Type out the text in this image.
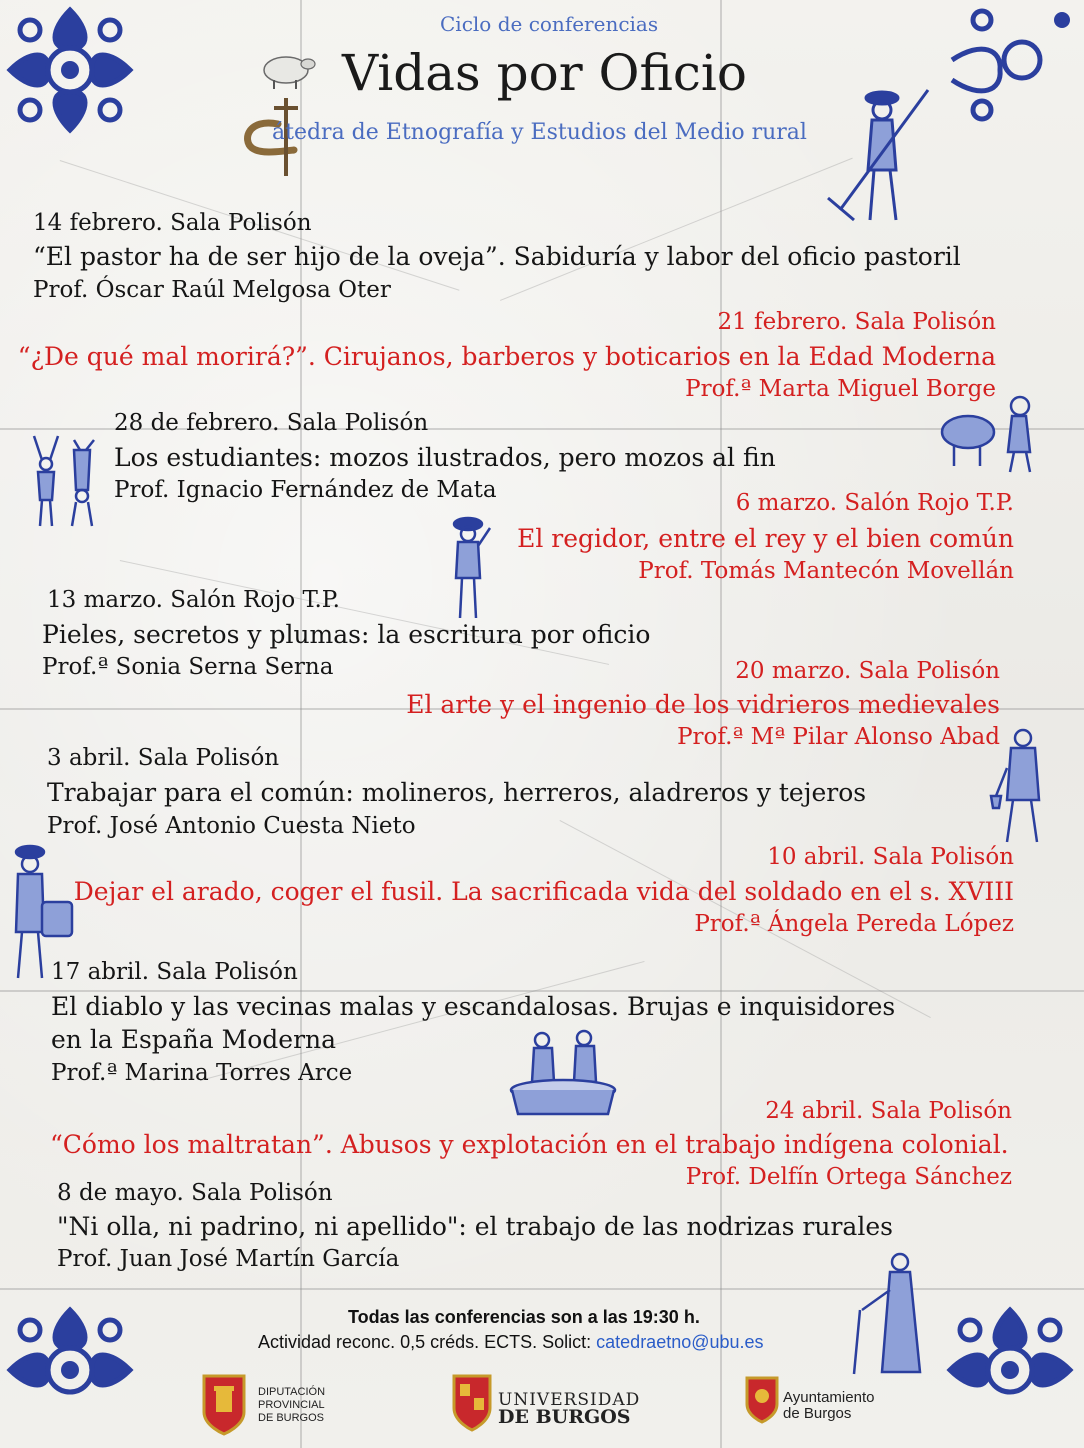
Ciclo de conferencias
Vidas por Oficio
átedra de Etnografía y Estudios del Medio rural
14 febrero. Sala Polisón
“El pastor ha de ser hijo de la oveja”. Sabiduría y labor del oficio pastoril
Prof. Óscar Raúl Melgosa Oter
21 febrero. Sala Polisón
“¿De qué mal morirá?”. Cirujanos, barberos y boticarios en la Edad Moderna
Prof.ª Marta Miguel Borge
28 de febrero. Sala Polisón
Los estudiantes: mozos ilustrados, pero mozos al fin
Prof. Ignacio Fernández de Mata	6 marzo. Salón Rojo T.P.
El regidor, entre el rey y el bien común
Prof. Tomás Mantecón Movellán
13 marzo. Salón Rojo T.P.
Pieles, secretos y plumas: la escritura por oficio
Prof.ª Sonia Serna Serna	20 marzo. Sala Polisón
El arte y el ingenio de los vidrieros medievales
Prof.ª Mª Pilar Alonso Abad
3 abril. Sala Polisón
Trabajar para el común: molineros, herreros, aladreros y tejeros
Prof. José Antonio Cuesta Nieto
10 abril. Sala Polisón
Dejar el arado, coger el fusil. La sacrificada vida del soldado en el s. XVIII
Prof.ª Ángela Pereda López
17 abril. Sala Polisón
El diablo y las vecinas malas y escandalosas. Brujas e inquisidores
en la España Moderna
Prof.ª Marina Torres Arce
24 abril. Sala Polisón
“Cómo los maltratan”. Abusos y explotación en el trabajo indígena colonial.
Prof. Delfín Ortega Sánchez
8 de mayo. Sala Polisón
"Ni olla, ni padrino, ni apellido": el trabajo de las nodrizas rurales
Prof. Juan José Martín García
Todas las conferencias son a las 19:30 h.
Actividad reconc. 0,5 créds. ECTS. Solict: catedraetno@ubu.es
DIPUTACIÓN
PROVINCIAL
DE BURGOS
UNIVERSIDAD
DE BURGOS
Ayuntamiento
de Burgos
